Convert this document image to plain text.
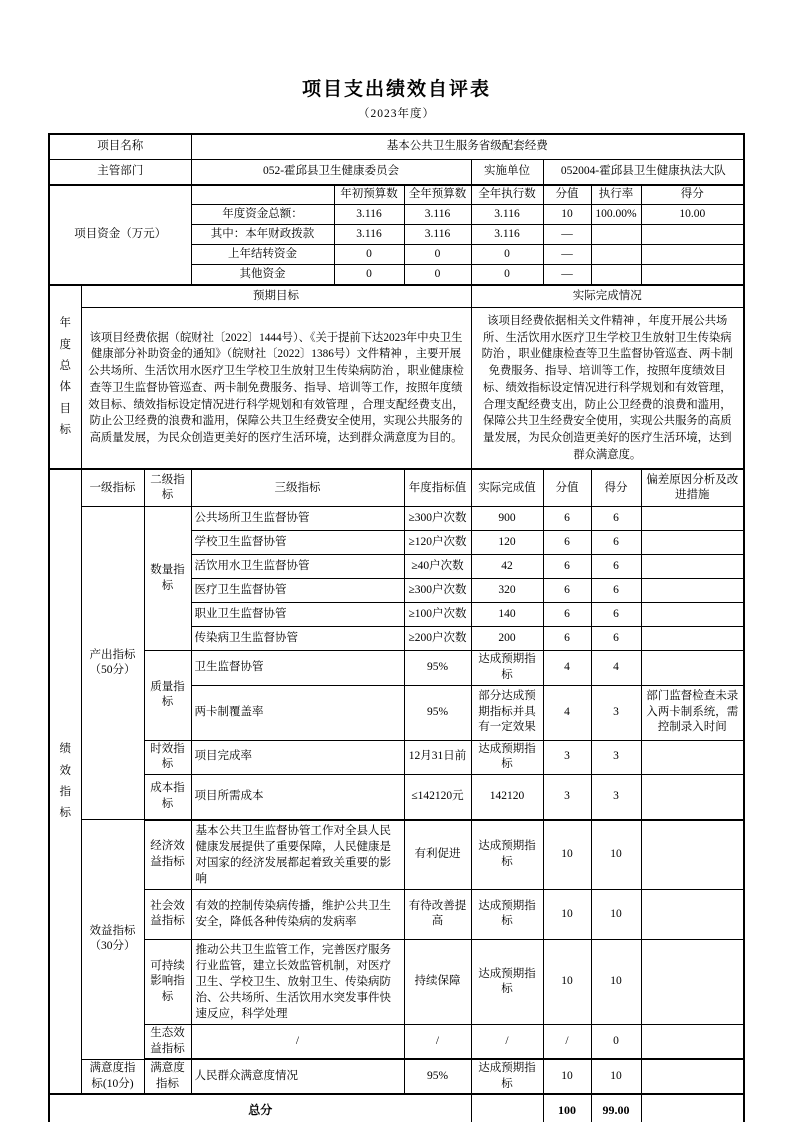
项目支出绩效自评表
（2023年度）
项目名称			基本公共卫生服务省级配套经费						
主管部门			052-霍邱县卫生健康委员会			实施单位	052004-霍邱县卫生健康执法大队		
项目资金（万元）				年初预算数	全年预算数	全年执行数	分值	执行率	得分
			年度资金总额：	3.116	3.116	3.116	10	100.00%	10.00
			其中：本年财政拨款	3.116	3.116	3.116	—		
			上年结转资金	0	0	0	—		
			其他资金	0	0	0	—		
年度总体目标	预期目标					实际完成情况			
	该项目经费依据（皖财社〔2022〕1444号）、《关于提前下达2023年中央卫生健康部分补助资金的通知》（皖财社〔2022〕1386号）文件精神 ，主要开展公共场所、生活饮用水医疗卫生学校卫生放射卫生传染病防治 ，职业健康检查等卫生监督协管巡查、两卡制免费服务、指导、培训等工作，按照年度绩效目标、绩效指标设定情况进行科学规划和有效管理 ，合理支配经费支出，防止公卫经费的浪费和滥用，保障公共卫生经费安全使用，实现公共服务的高质量发展，为民众创造更美好的医疗生活环境，达到群众满意度为目的。					该项目经费依据相关文件精神 ，年度开展公共场所、生活饮用水医疗卫生学校卫生放射卫生传染病防治 ，职业健康检查等卫生监督协管巡查、两卡制免费服务、指导、培训等工作，按照年度绩效目标、绩效指标设定情况进行科学规划和有效管理，合理支配经费支出，防止公卫经费的浪费和滥用，保障公共卫生经费安全使用，实现公共服务的高质量发展，为民众创造更美好的医疗生活环境，达到群众满意度。			
绩效指标	一级指标	二级指标	三级指标		年度指标值	实际完成值	分值	得分	偏差原因分析及改进措施
	产出指标（50分）	数量指标	公共场所卫生监督协管		≥300户次数	900	6	6	
			学校卫生监督协管		≥120户次数	120	6	6	
			活饮用水卫生监督协管		≥40户次数	42	6	6	
			医疗卫生监督协管		≥300户次数	320	6	6	
			职业卫生监督协管		≥100户次数	140	6	6	
			传染病卫生监督协管		≥200户次数	200	6	6	
		质量指标	卫生监督协管		95%	达成预期指标	4	4	
			两卡制覆盖率		95%	部分达成预期指标并具有一定效果	4	3	部门监督检查未录入两卡制系统，需控制录入时间
		时效指标	项目完成率		12月31日前	达成预期指标	3	3	
		成本指标	项目所需成本		≤142120元	142120	3	3	
	效益指标（30分）	经济效益指标	基本公共卫生监督协管工作对全县人民健康发展提供了重要保障，人民健康是对国家的经济发展都起着致关重要的影响		有利促进	达成预期指标	10	10	
		社会效益指标	有效的控制传染病传播，维护公共卫生安全，降低各种传染病的发病率		有待改善提高	达成预期指标	10	10	
		可持续影响指标	推动公共卫生监管工作，完善医疗服务行业监管，建立长效监管机制，对医疗卫生、学校卫生、放射卫生、传染病防治、公共场所、生活饮用水突发事件快速反应，科学处理		持续保障	达成预期指标	10	10	
		生态效益指标	/		/	/	/	0	
	满意度指标(10分)	满意度指标	人民群众满意度情况		95%	达成预期指标	10	10	
总分							100	99.00	
